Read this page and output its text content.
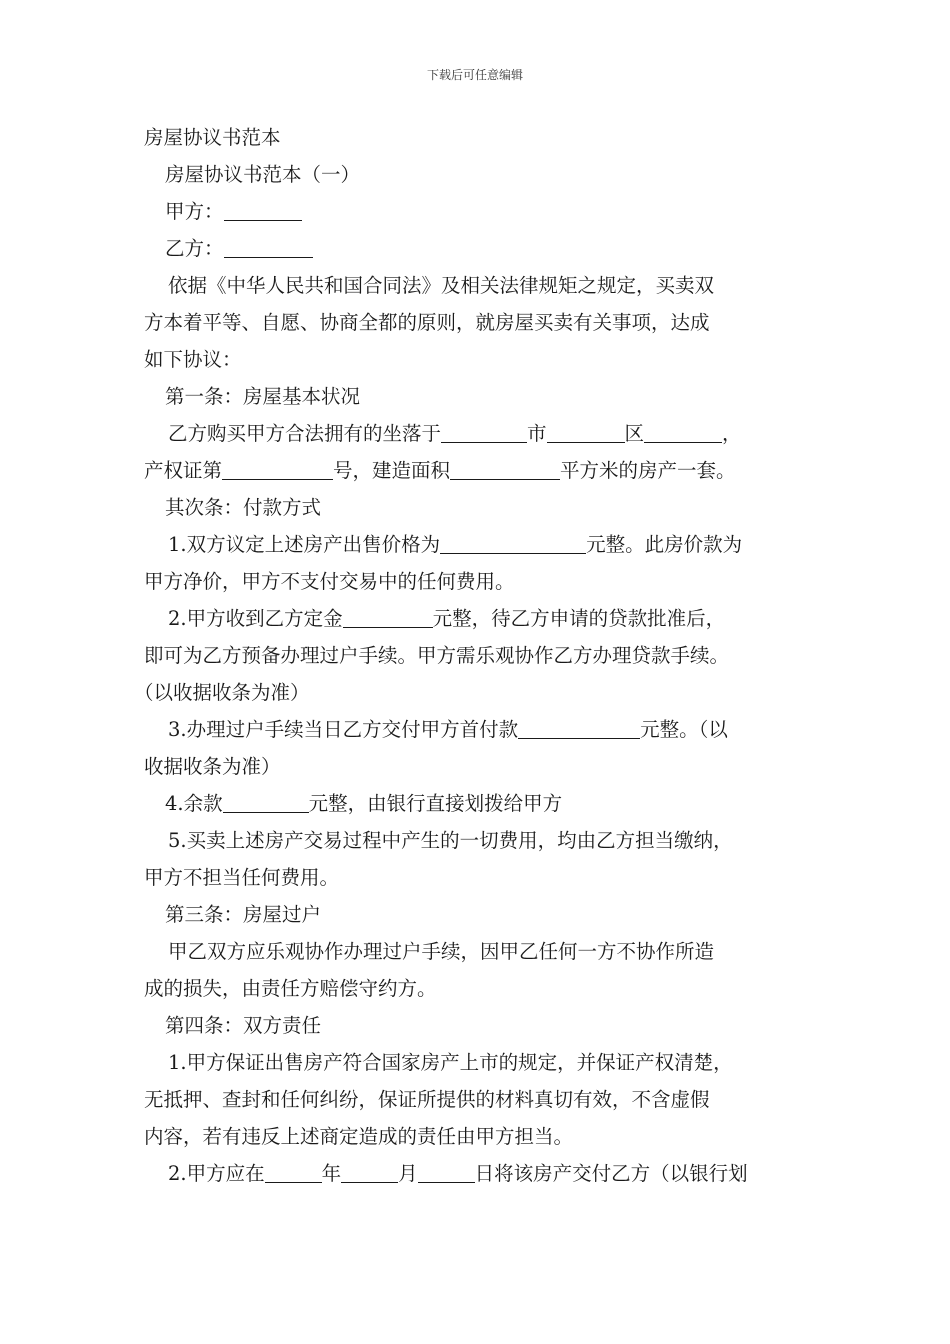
下载后可任意编辑
房屋协议书范本
房屋协议书范本（一）
甲方：
乙方：
依据《中华人民共和国合同法》及相关法律规矩之规定，买卖双
方本着平等、自愿、协商全都的原则，就房屋买卖有关事项，达成
如下协议：
第一条：房屋基本状况
乙方购买甲方合法拥有的坐落于	市	区	，
产权证第	号，建造面积	平方米的房产一套。
其次条：付款方式
1.双方议定上述房产出售价格为	元整。此房价款为
甲方净价，甲方不支付交易中的任何费用。
2.甲方收到乙方定金	元整，待乙方申请的贷款批准后，
即可为乙方预备办理过户手续。甲方需乐观协作乙方办理贷款手续。
（以收据收条为准）
3.办理过户手续当日乙方交付甲方首付款	元整。（以
收据收条为准）
4.余款	元整，由银行直接划拨给甲方
5.买卖上述房产交易过程中产生的一切费用，均由乙方担当缴纳，
甲方不担当任何费用。
第三条：房屋过户
甲乙双方应乐观协作办理过户手续，因甲乙任何一方不协作所造
成的损失，由责任方赔偿守约方。
第四条：双方责任
1.甲方保证出售房产符合国家房产上市的规定，并保证产权清楚，
无抵押、查封和任何纠纷，保证所提供的材料真切有效，不含虚假
内容，若有违反上述商定造成的责任由甲方担当。
2.甲方应在	年	月	日将该房产交付乙方（以银行划
